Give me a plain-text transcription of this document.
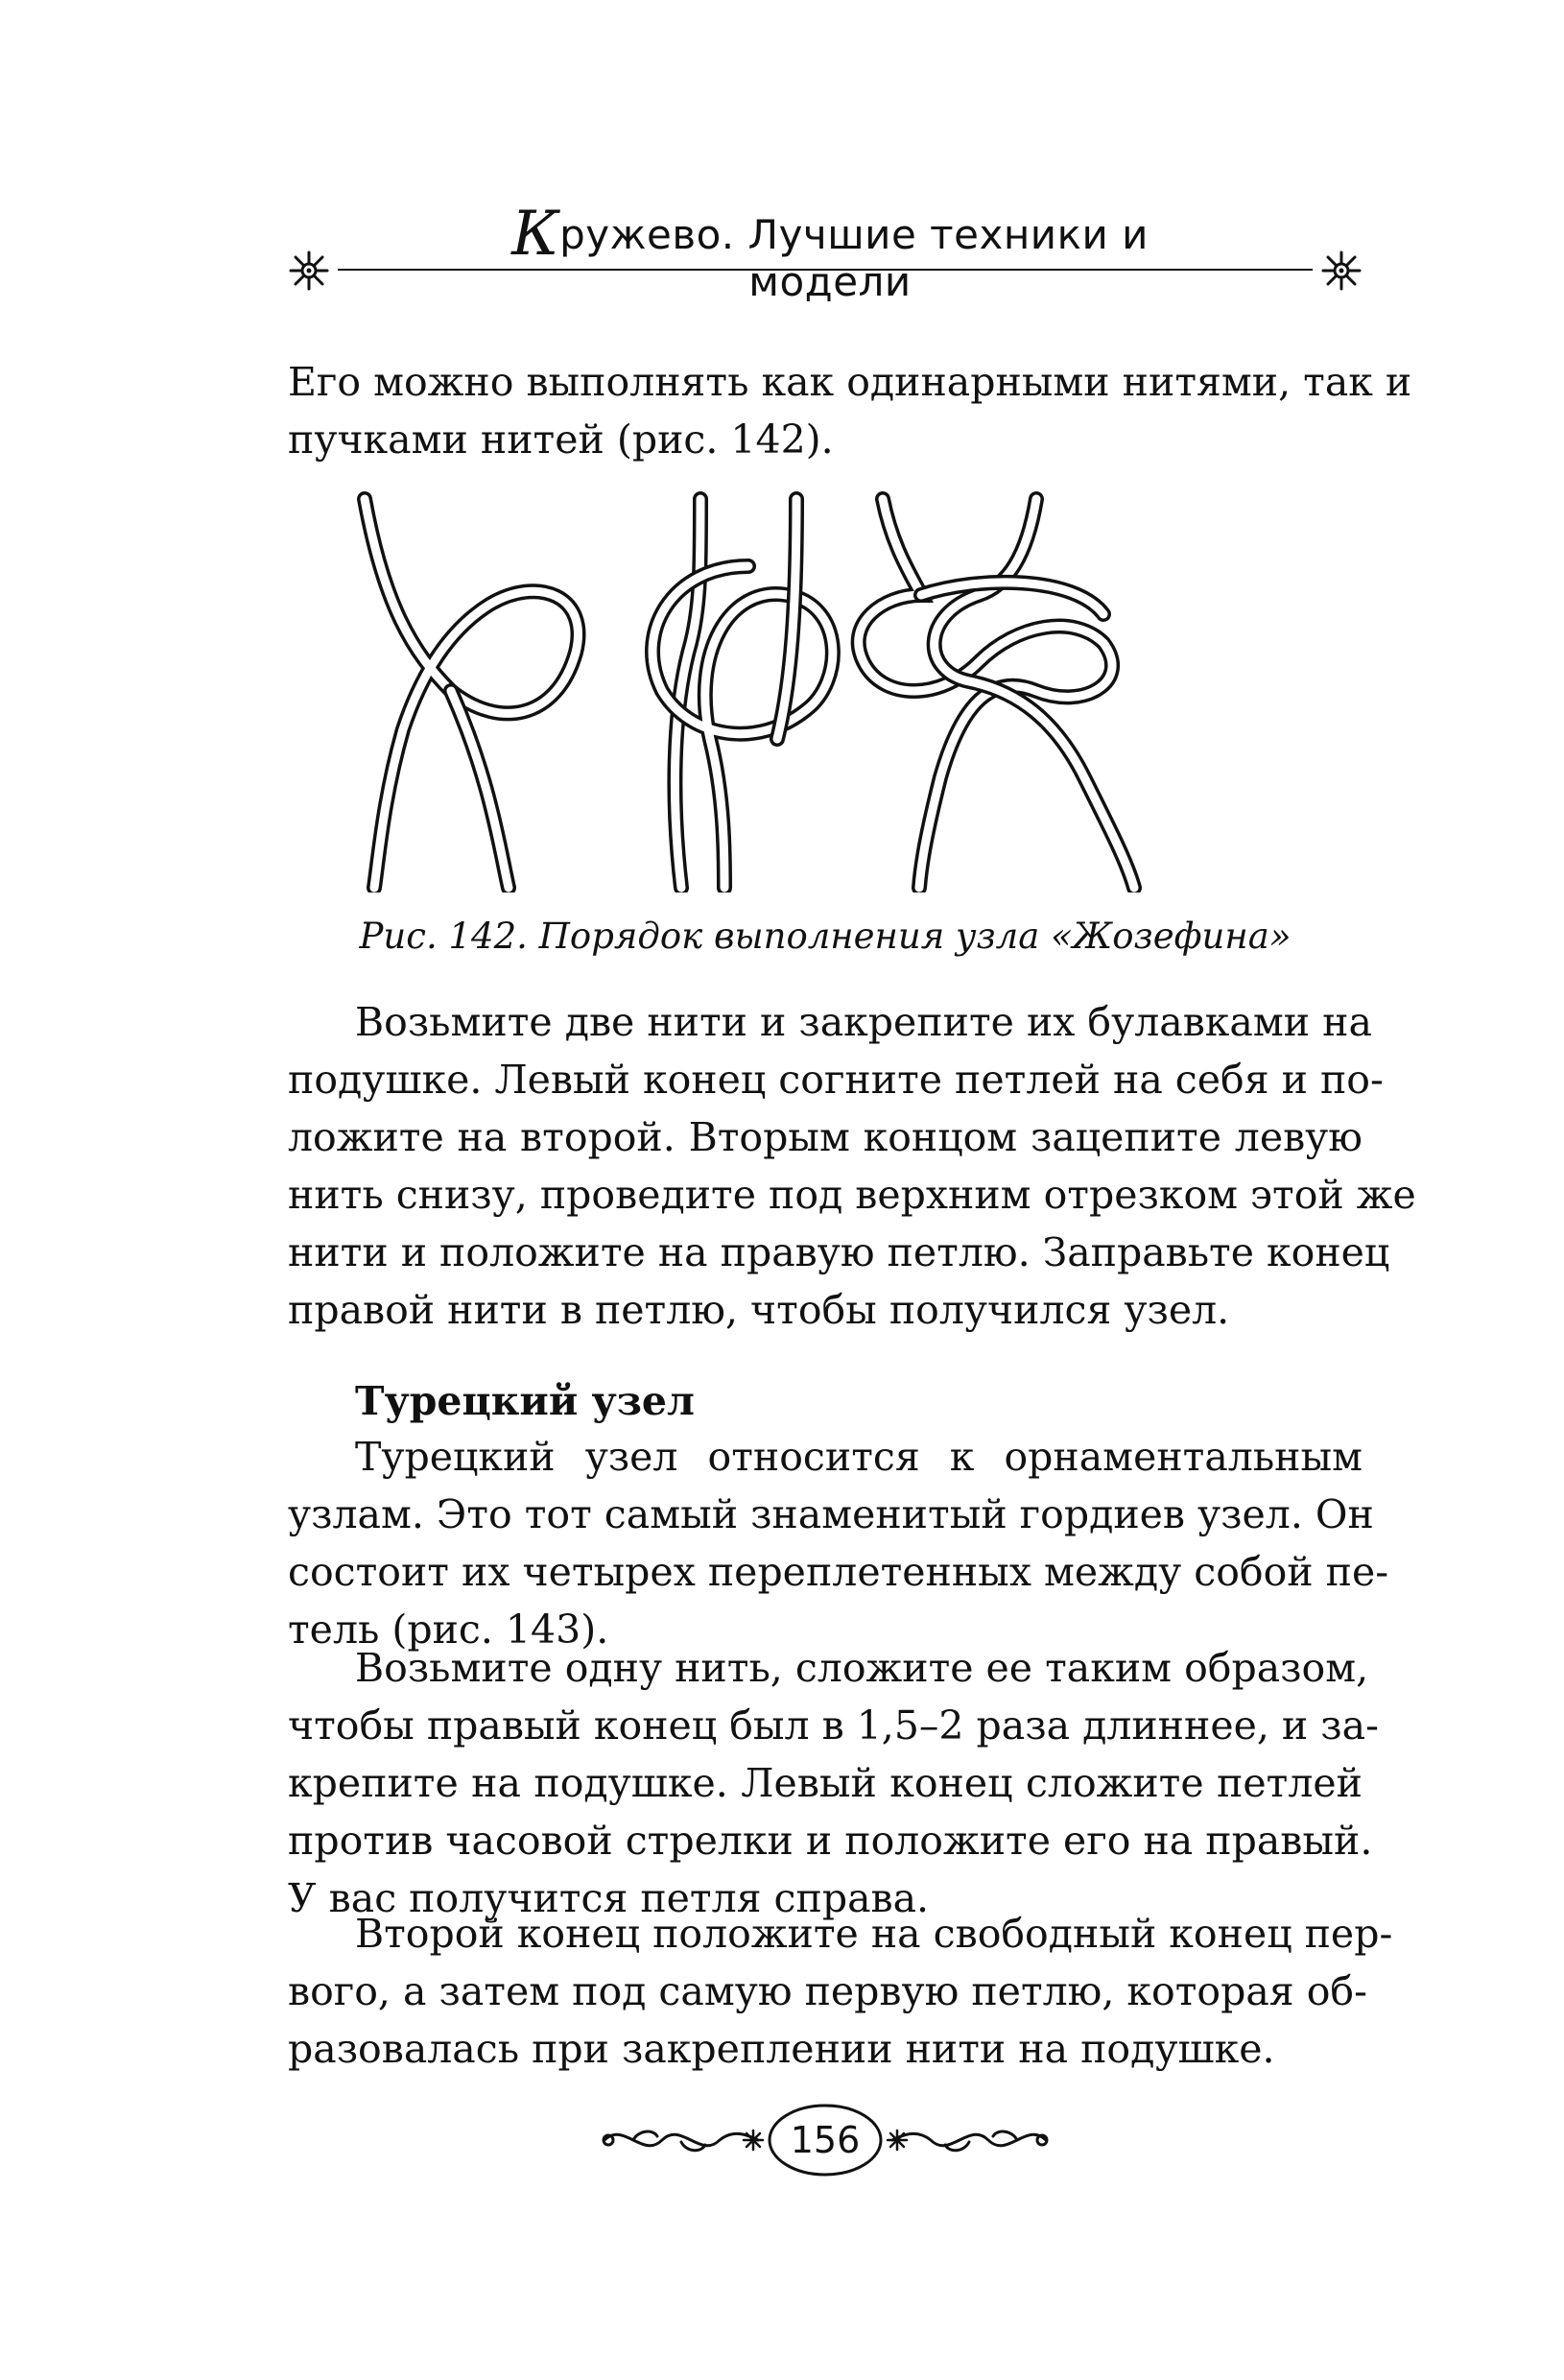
Кружево. Лучшие техники и модели
Его можно выполнять как одинарными нитями, так и
пучками нитей (рис. 142).
Рис. 142. Порядок выполнения узла «Жозефина»
Возьмите две нити и закрепите их булавками на
подушке. Левый конец согните петлей на себя и по-
ложите на второй. Вторым концом зацепите левую
нить снизу, проведите под верхним отрезком этой же
нити и положите на правую петлю. Заправьте конец
правой нити в петлю, чтобы получился узел.
Турецкий узел
Турецкий узел относится к орнаментальным
узлам. Это тот самый знаменитый гордиев узел. Он
состоит их четырех переплетенных между собой пе-
тель (рис. 143).
Возьмите одну нить, сложите ее таким образом,
чтобы правый конец был в 1,5–2 раза длиннее, и за-
крепите на подушке. Левый конец сложите петлей
против часовой стрелки и положите его на правый.
У вас получится петля справа.
Второй конец положите на свободный конец пер-
вого, а затем под самую первую петлю, которая об-
разовалась при закреплении нити на подушке.
156
